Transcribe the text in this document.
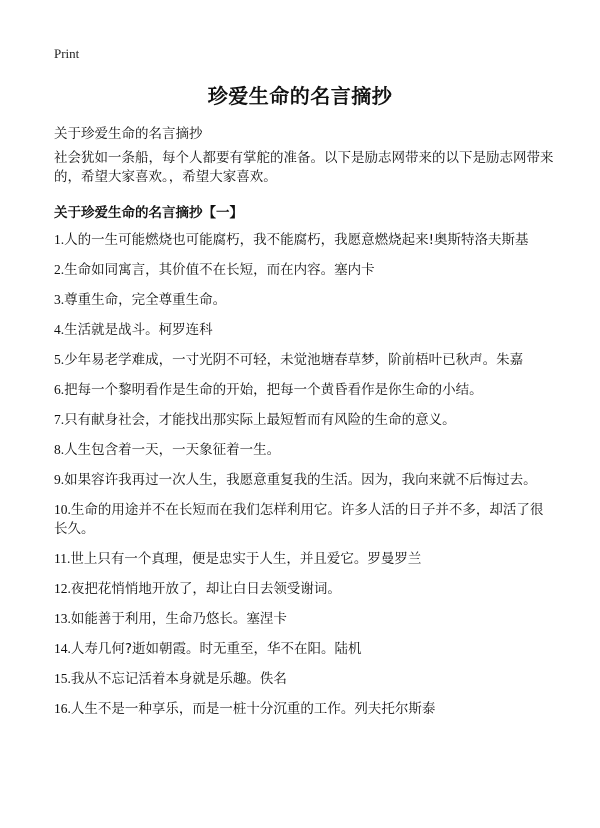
Print
珍爱生命的名言摘抄
关于珍爱生命的名言摘抄
社会犹如一条船，每个人都要有掌舵的准备。以下是励志网带来的以下是励志网带来的，希望大家喜欢。，希望大家喜欢。
关于珍爱生命的名言摘抄【一】
1.人的一生可能燃烧也可能腐朽，我不能腐朽，我愿意燃烧起来!奥斯特洛夫斯基
2.生命如同寓言，其价值不在长短，而在内容。塞内卡
3.尊重生命，完全尊重生命。
4.生活就是战斗。柯罗连科
5.少年易老学难成，一寸光阴不可轻，未觉池塘春草梦，阶前梧叶已秋声。朱嘉
6.把每一个黎明看作是生命的开始，把每一个黄昏看作是你生命的小结。
7.只有献身社会，才能找出那实际上最短暂而有风险的生命的意义。
8.人生包含着一天，一天象征着一生。
9.如果容许我再过一次人生，我愿意重复我的生活。因为，我向来就不后悔过去。
10.生命的用途并不在长短而在我们怎样利用它。许多人活的日子并不多，却活了很长久。
11.世上只有一个真理，便是忠实于人生，并且爱它。罗曼罗兰
12.夜把花悄悄地开放了，却让白日去领受谢词。
13.如能善于利用，生命乃悠长。塞涅卡
14.人寿几何?逝如朝霞。时无重至，华不在阳。陆机
15.我从不忘记活着本身就是乐趣。佚名
16.人生不是一种享乐，而是一桩十分沉重的工作。列夫托尔斯泰
